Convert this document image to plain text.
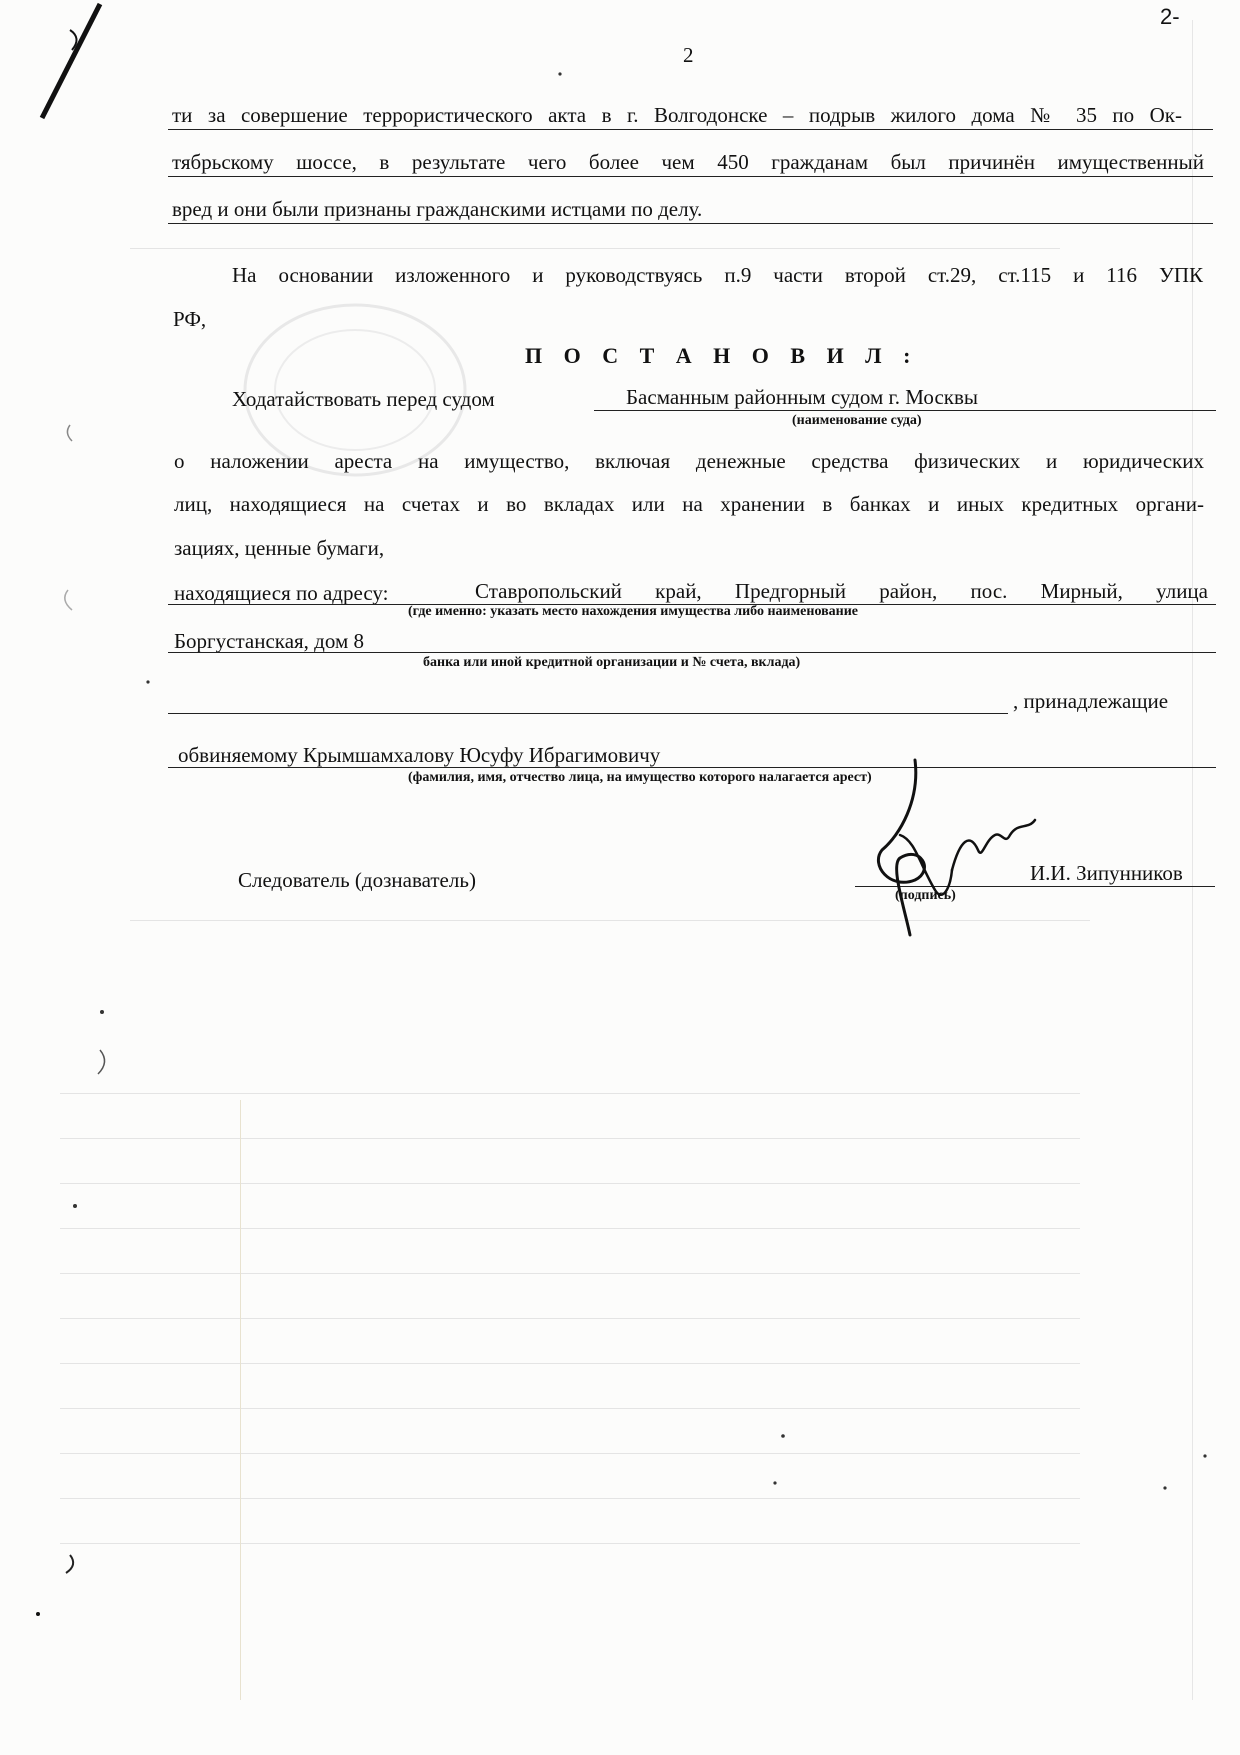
2-
2
ти за совершение террористического акта в г. Волгодонске – подрыв жилого дома № 35 по Ок-
тябрьскому шоссе, в результате чего более чем 450 гражданам был причинён имущественный
вред и они были признаны гражданскими истцами по делу.
На основании изложенного и руководствуясь п.9 части второй ст.29, ст.115 и 116 УПК
РФ,
П О С Т А Н О В И Л :
Ходатайствовать перед судом	Басманным районным судом г. Москвы
(наименование суда)
о наложении ареста на имущество, включая денежные средства физических и юридических
лиц, находящиеся на счетах и во вкладах или на хранении в банках и иных кредитных органи-
зациях, ценные бумаги,
находящиеся по адресу:	Ставропольский край, Предгорный район, пос. Мирный, улица
(где именно: указать место нахождения имущества либо наименование
Боргустанская, дом 8
банка или иной кредитной организации и № счета, вклада)
, принадлежащие
обвиняемому Крымшамхалову Юсуфу Ибрагимовичу
(фамилия, имя, отчество лица, на имущество которого налагается арест)
Следователь (дознаватель)
(подпись)
И.И. Зипунников
